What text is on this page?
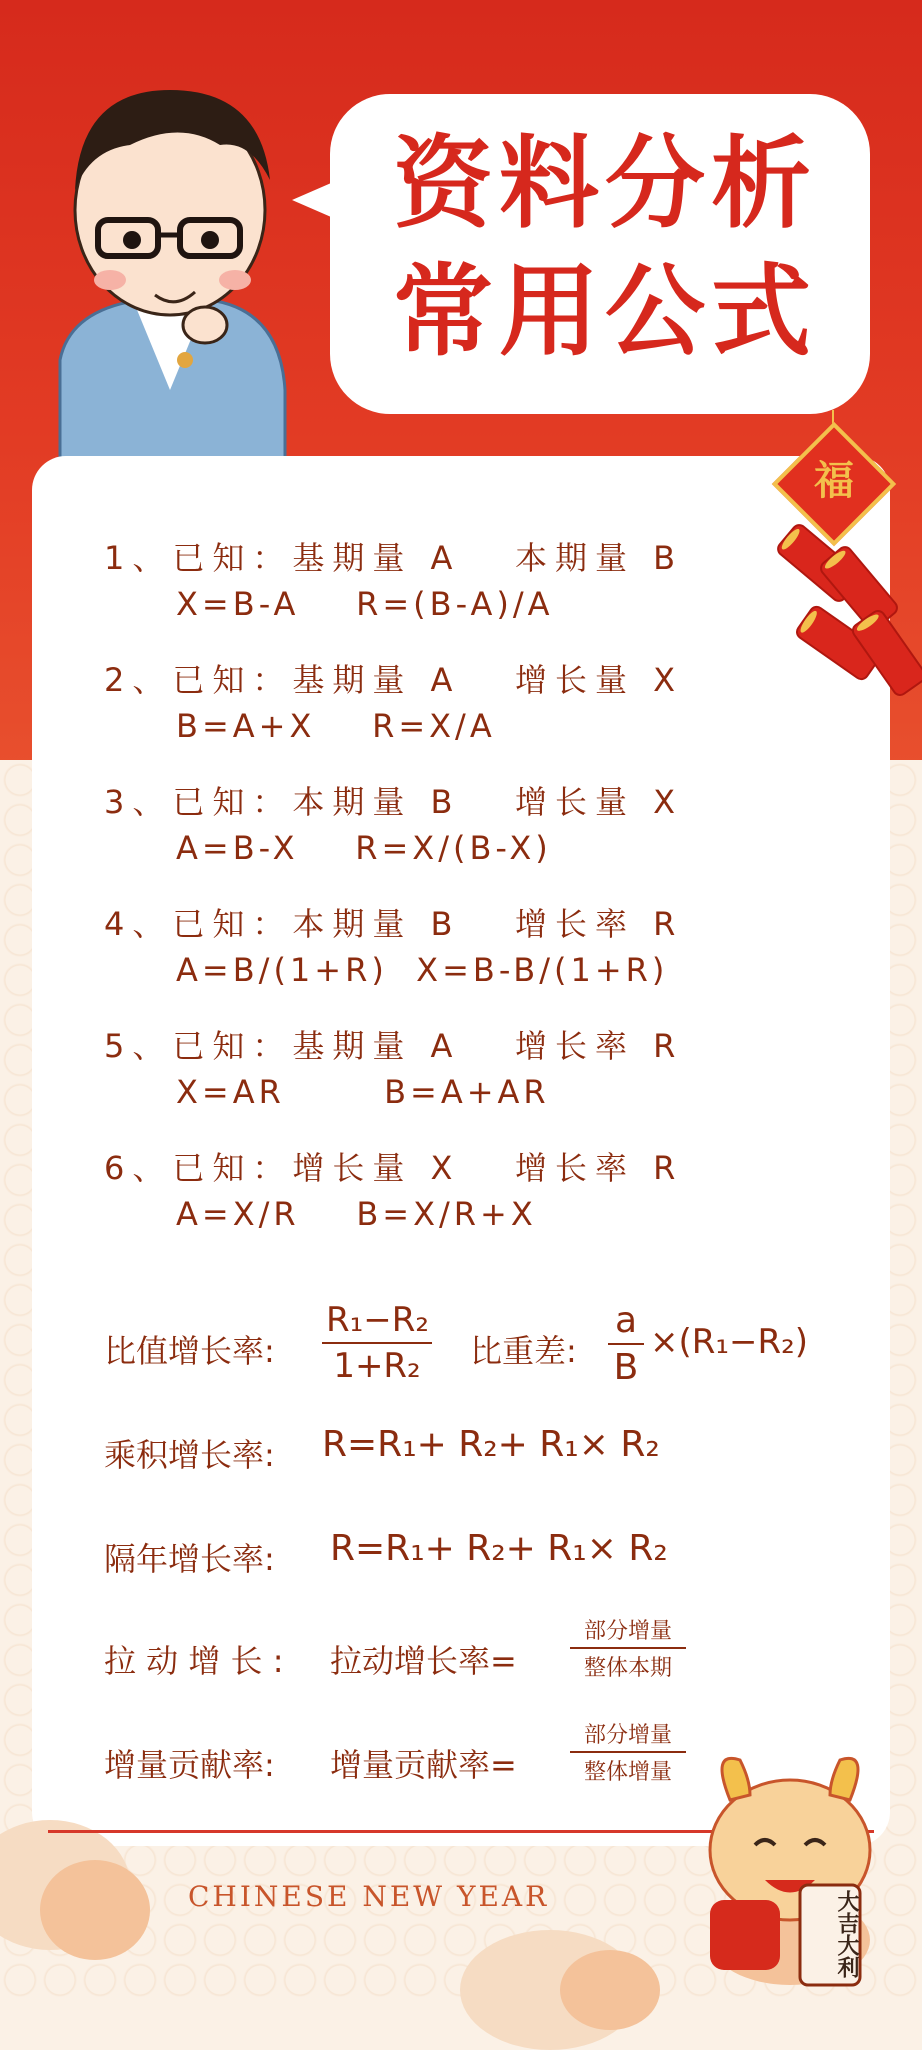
资料分析
常用公式
福
1、已知：基期量 A   本期量 B
X=B-A    R=(B-A)/A
2、已知：基期量 A   增长量 X
B=A+X    R=X/A
3、已知：本期量 B   增长量 X
A=B-X    R=X/(B-X)
4、已知：本期量 B   增长率 R
A=B/(1+R)  X=B-B/(1+R)
5、已知：基期量 A   增长率 R
X=AR       B=A+AR
6、已知：增长量 X   增长率 R
A=X/R    B=X/R+X
比值增长率: $\frac{\text{R₁−R₂}}{\text{1+R₂}}$ 比重差: $\frac{a}{B} \times(R_1-R_2)$
乘积增长率: R=R₁+ R₂+ R₁× R₂
隔年增长率: R=R₁+ R₂+ R₁× R₂
拉 动 增 长 : 拉动增长率=
部分增量
整体本期
增量贡献率: 增量贡献率=
部分增量
整体增量
CHINESE NEW YEAR	大吉大利
